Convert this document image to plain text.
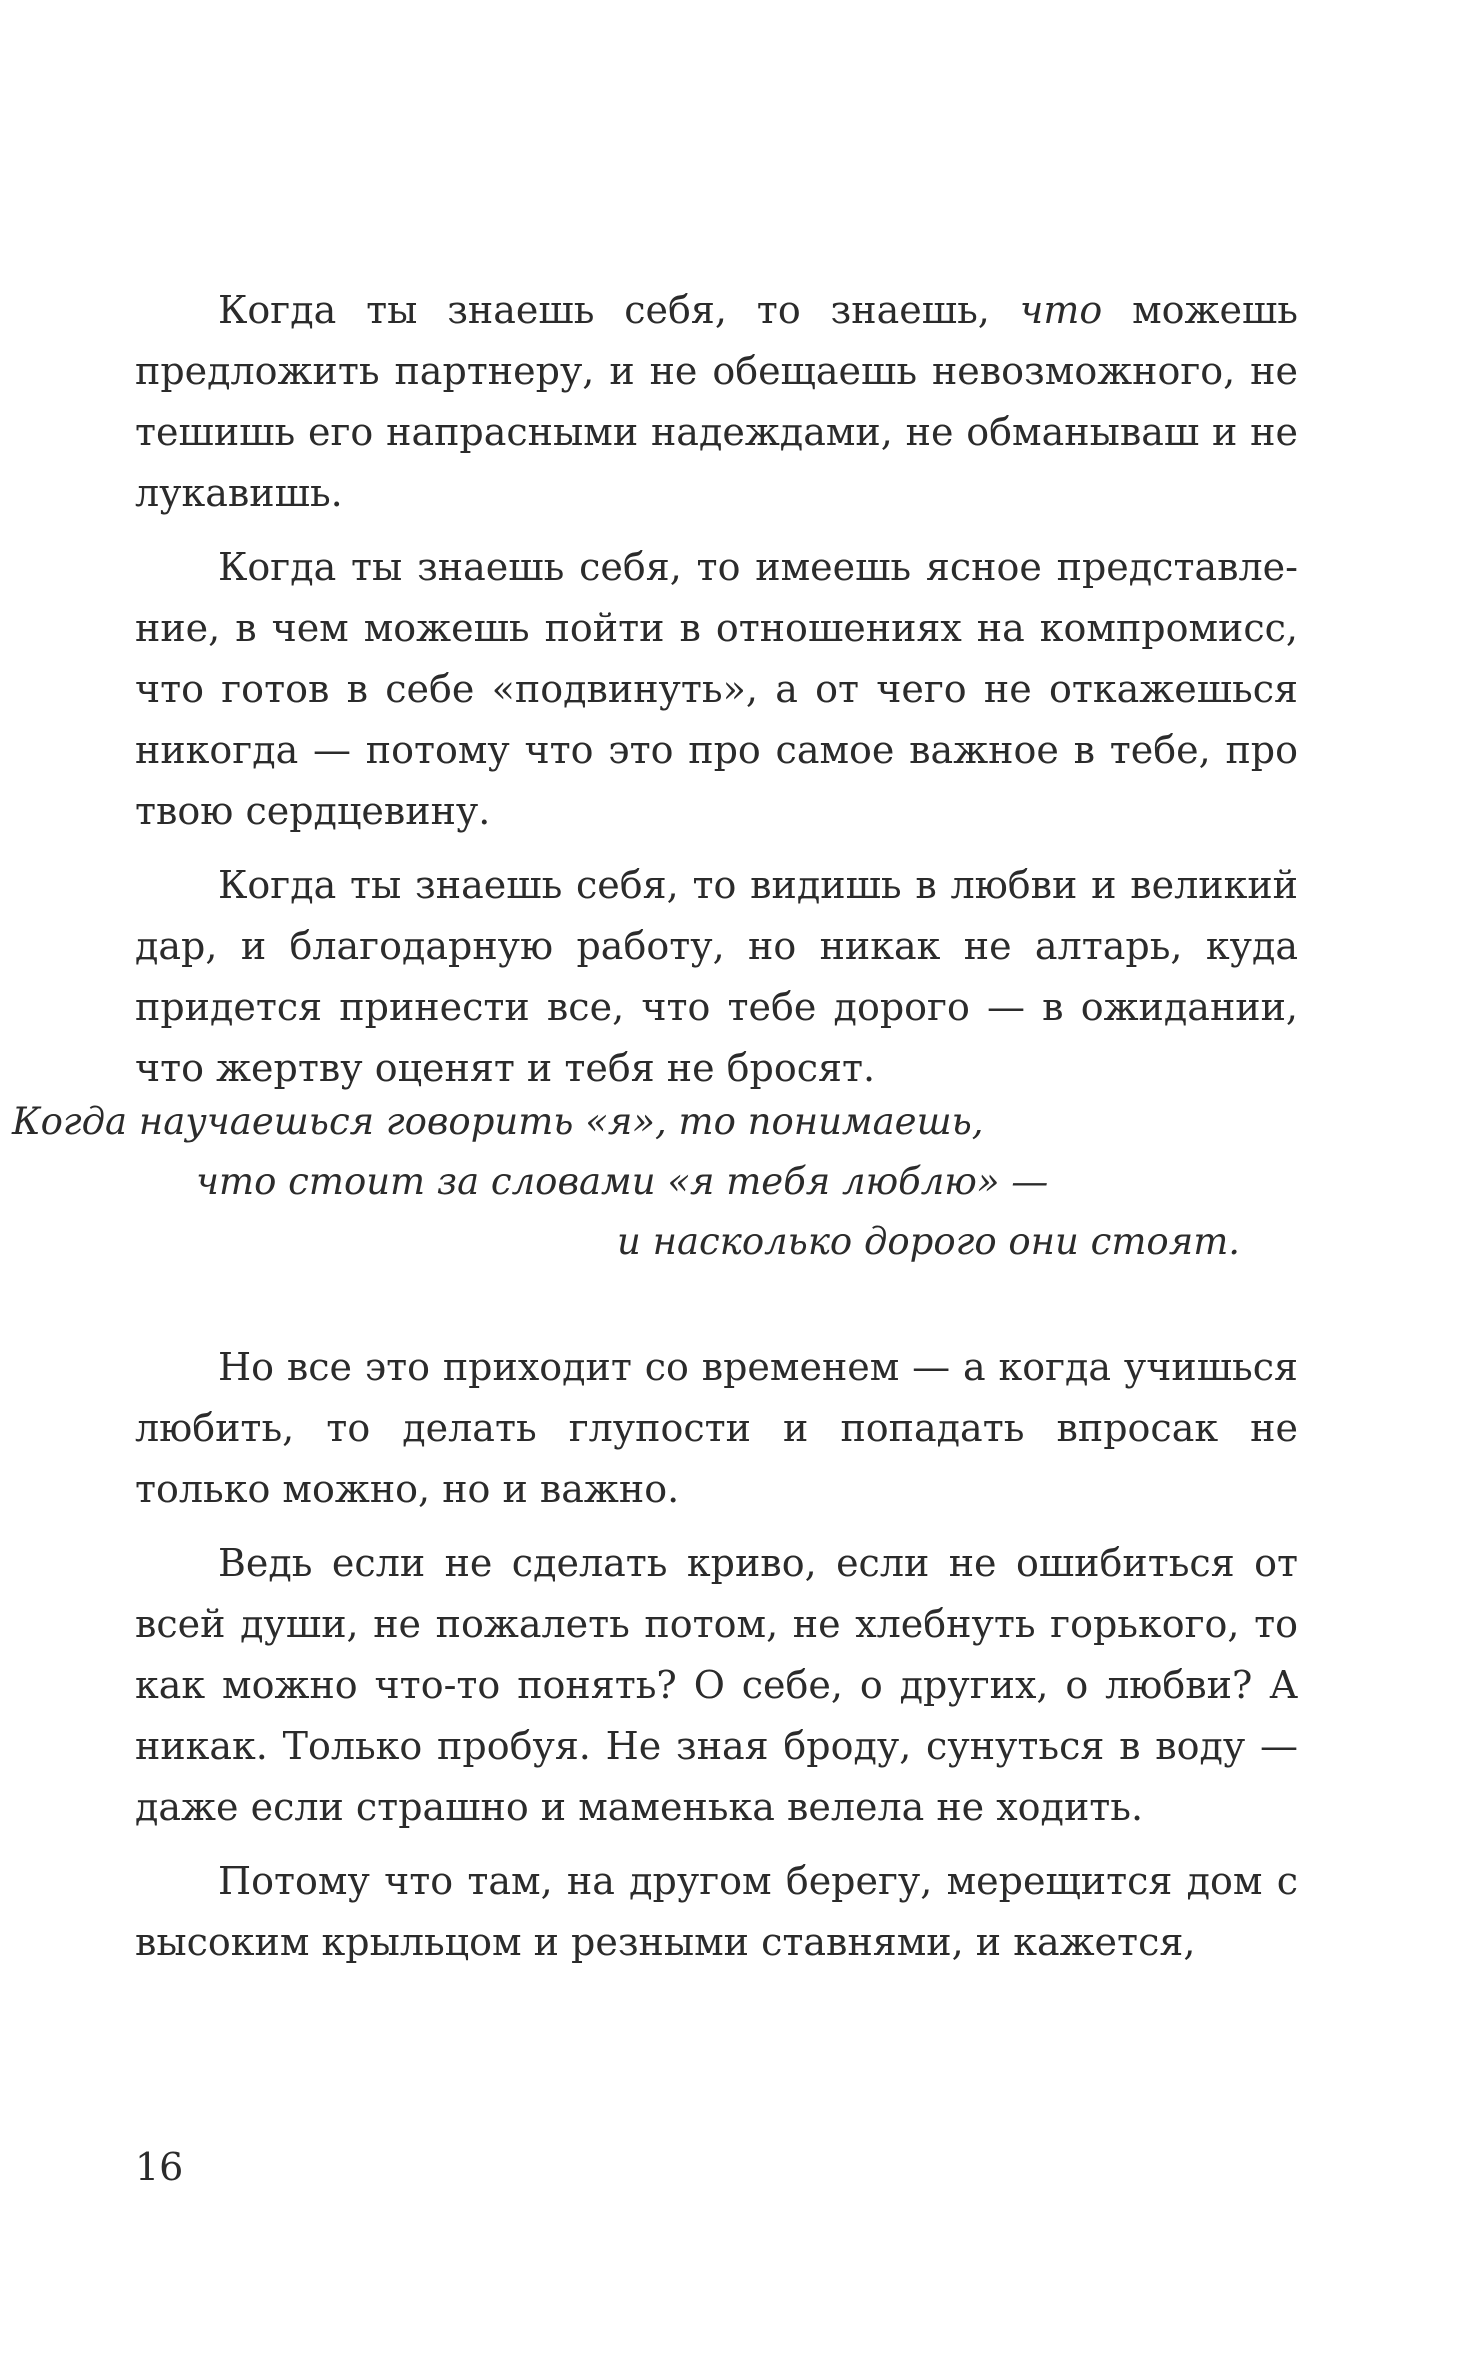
Когда ты знаешь себя, то знаешь, что можешь предложить партнеру, и не обещаешь невозможного, не тешишь его напрасными надеждами, не обманываш и не лукавишь.

Когда ты знаешь себя, то имеешь ясное представление, в чем можешь пойти в отношениях на компромисс, что готов в себе «подвинуть», а от чего не откажешься никогда — потому что это про самое важное в тебе, про твою сердцевину.

Когда ты знаешь себя, то видишь в любви и великий дар, и благодарную работу, но никак не алтарь, куда придется принести все, что тебе дорого — в ожидании, что жертву оценят и тебя не бросят.

Когда научаешься говорить «я», то понимаешь,
что стоит за словами «я тебя люблю» —
и насколько дорого они стоят.

Но все это приходит со временем — а когда учишься любить, то делать глупости и попадать впросак не только можно, но и важно.

Ведь если не сделать криво, если не ошибиться от всей души, не пожалеть потом, не хлебнуть горького, то как можно что-то понять? О себе, о других, о любви? А никак. Только пробуя. Не зная броду, сунуться в воду — даже если страшно и маменька велела не ходить.

Потому что там, на другом берегу, мерещится дом с высоким крыльцом и резными ставнями, и кажется,

16
